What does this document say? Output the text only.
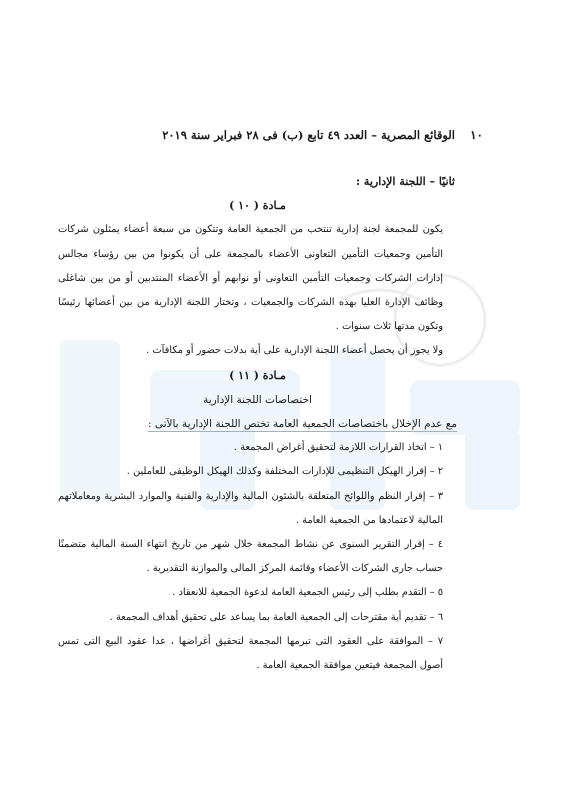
١٠
الوقائع المصرية – العدد ٤٩ تابع (ب) فى ٢٨ فبراير سنة ٢٠١٩

ثانيًا – اللجنة الإدارية :

مـادة ( ١٠ )

يكون للمجمعة لجنة إدارية تنتخب من الجمعية العامة وتتكون من سبعة أعضاء يمثلون شركات التأمين وجمعيات التأمين التعاونى الأعضاء بالمجمعة على أن يكونوا من بين رؤساء مجالس إدارات الشركات وجمعيات التأمين التعاونى أو نوابهم أو الأعضاء المنتدبين أو من بين شاغلى وظائف الإدارة العليا بهذه الشركات والجمعيات ، وتختار اللجنة الإدارية من بين أعضائها رئيسًا وتكون مدتها ثلاث سنوات .

ولا يجوز أن يحصل أعضاء اللجنة الإدارية على أية بدلات حضور أو مكافآت .

مـادة ( ١١ )

اختصاصات اللجنة الإدارية

مع عدم الإخلال باختصاصات الجمعية العامة تختص اللجنة الإدارية بالآتى :

١ – اتخاذ القرارات اللازمة لتحقيق أغراض المجمعة .

٢ – إقرار الهيكل التنظيمى للإدارات المختلفة وكذلك الهيكل الوظيفى للعاملين .

٣ – إقرار النظم واللوائح المتعلقة بالشئون المالية والإدارية والفنية والموارد البشرية ومعاملاتهم المالية لاعتمادها من الجمعية العامة .

٤ – إقرار التقرير السنوى عن نشاط المجمعة خلال شهر من تاريخ انتهاء السنة المالية متضمنًا حساب جارى الشركات الأعضاء وقائمة المركز المالى والموازنة التقديرية .

٥ – التقدم بطلب إلى رئيس الجمعية العامة لدعوة الجمعية للانعقاد .

٦ – تقديم أية مقترحات إلى الجمعية العامة بما يساعد على تحقيق أهداف المجمعة .

٧ – الموافقة على العقود التى تبرمها المجمعة لتحقيق أغراضها ، عدا عقود البيع التى تمس أصول المجمعة فيتعين موافقة الجمعية العامة .
